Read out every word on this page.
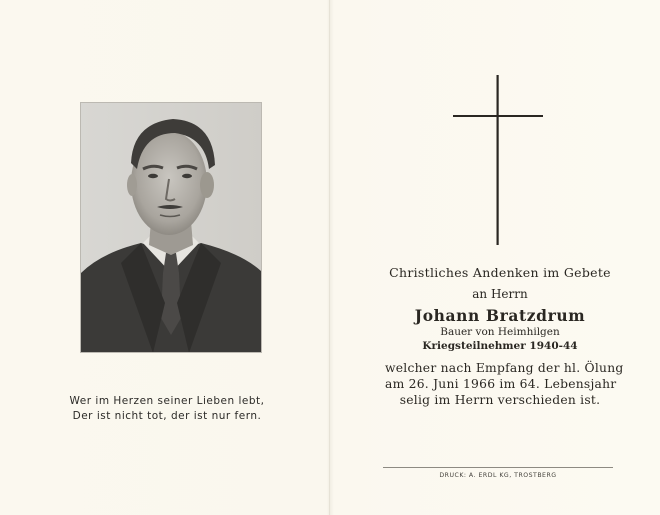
Wer im Herzen seiner Lieben lebt,
Der ist nicht tot, der ist nur fern.
Christliches Andenken im Gebete
an Herrn
Johann Bratzdrum
Bauer von Heimhilgen
Kriegsteilnehmer 1940-44
welcher nach Empfang der hl. Ölung
am 26. Juni 1966 im 64. Lebensjahr
selig im Herrn verschieden ist.
DRUCK: A. ERDL KG, TROSTBERG
